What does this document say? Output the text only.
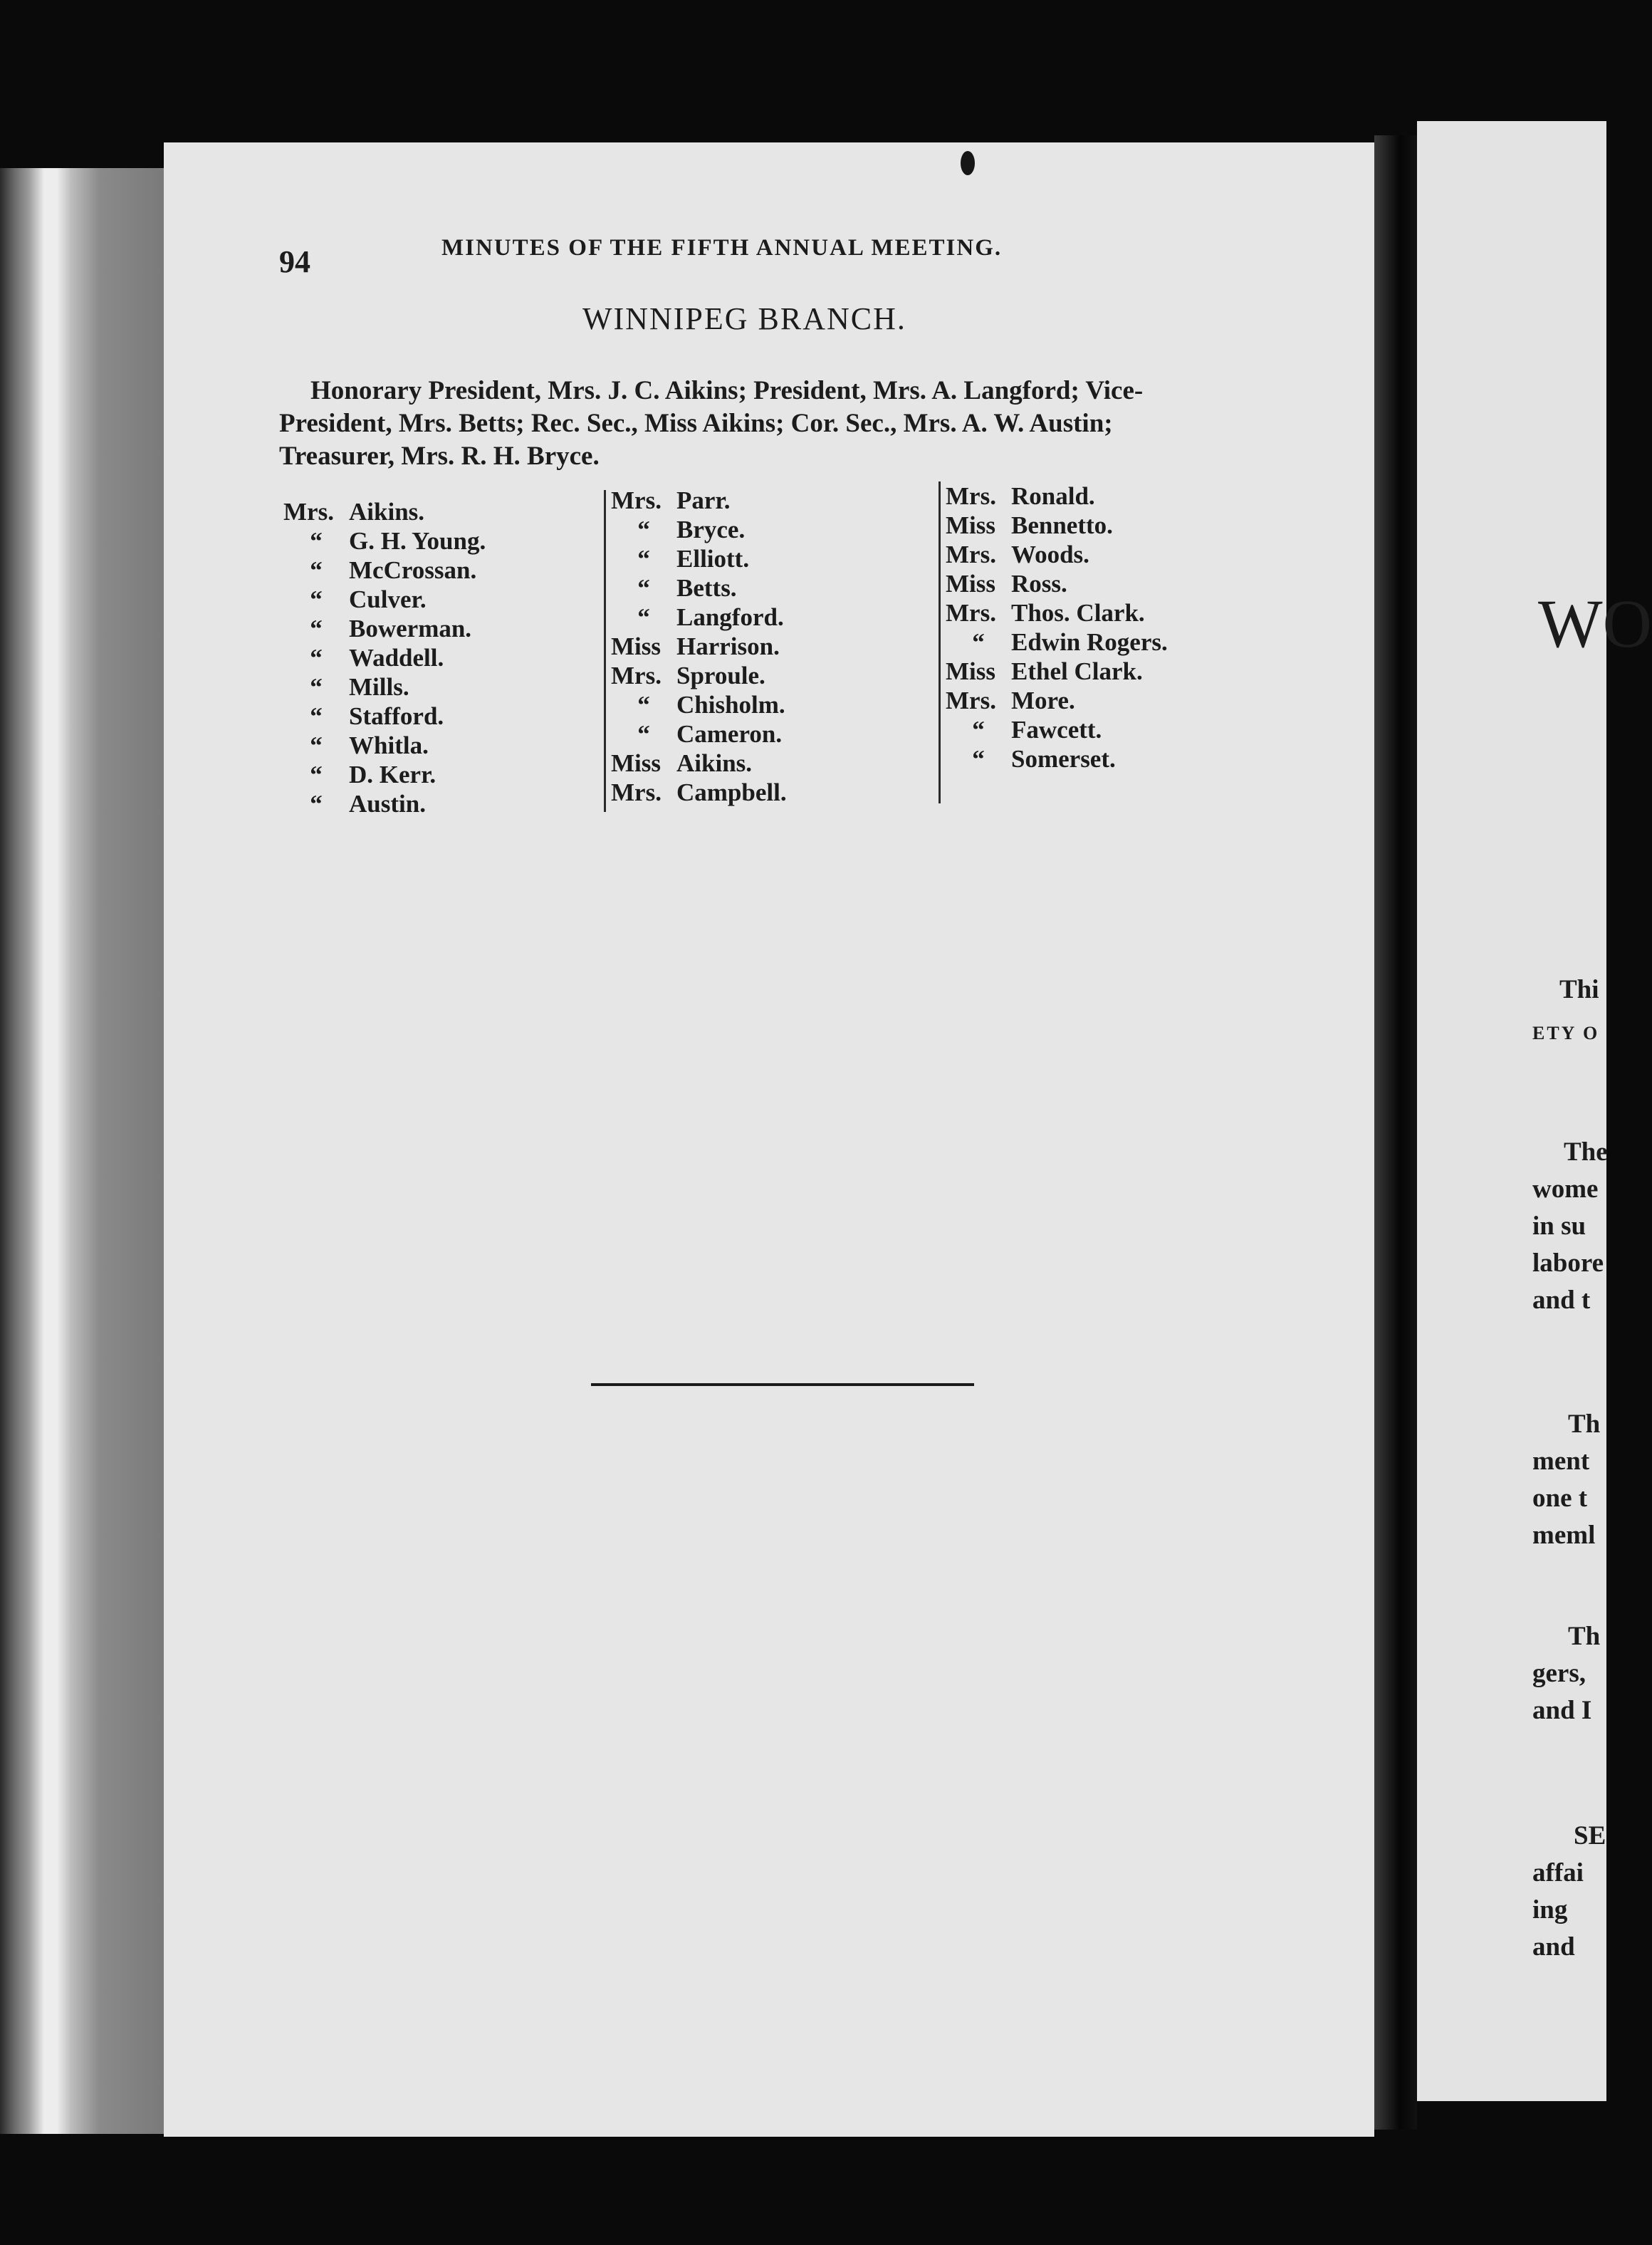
94	MINUTES OF THE FIFTH ANNUAL MEETING.
WINNIPEG BRANCH.

Honorary President, Mrs. J. C. Aikins; President, Mrs. A. Langford; Vice-

President, Mrs. Betts; Rec. Sec., Miss Aikins; Cor. Sec., Mrs. A. W. Austin;

Treasurer, Mrs. R. H. Bryce.

Mrs. Aikins.
“ G. H. Young.
“ McCrossan.
“ Culver.
“ Bowerman.
“ Waddell.
“ Mills.
“ Stafford.
“ Whitla.
“ D. Kerr.
“ Austin.
Mrs. Parr.
“ Bryce.
“ Elliott.
“ Betts.
“ Langford.
Miss Harrison.
Mrs. Sproule.
“ Chisholm.
“ Cameron.
Miss Aikins.
Mrs. Campbell.
Mrs. Ronald.
Miss Bennetto.
Mrs. Woods.
Miss Ross.
Mrs. Thos. Clark.
“ Edwin Rogers.
Miss Ethel Clark.
Mrs. More.
“ Fawcett.
“ Somerset.
WO
Thi
ETY O
The
wome
in su
labore
and t
Th
ment
one t
meml
Th
gers,
and I
SE
affai
ing
and
